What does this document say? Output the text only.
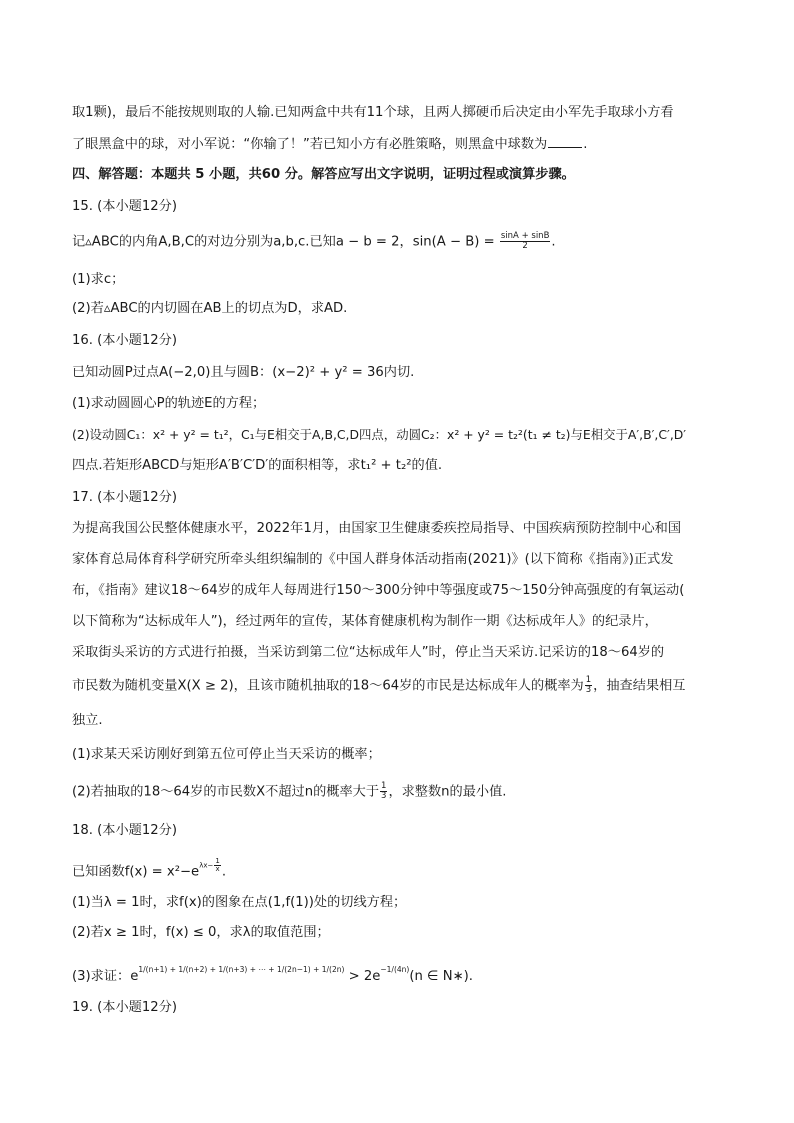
取1颗)，最后不能按规则取的人输.已知两盒中共有11个球，且两人掷硬币后决定由小军先手取球小方看
了眼黑盒中的球，对小军说：“你输了！”若已知小方有必胜策略，则黑盒中球数为	.
四、解答题：本题共 5 小题，共60 分。解答应写出文字说明，证明过程或演算步骤。
15. (本小题12分)
记▵ABC的内角A,B,C的对边分别为a,b,c.已知a − b = 2，$\sin(A - B) = \frac{\sin A + \sin B}{2}$ .
(1)求c；
(2)若▵ABC的内切圆在AB上的切点为D，求AD.
16. (本小题12分)
已知动圆P过点A(−2,0)且与圆B：(x−2)² + y² = 36内切.
(1)求动圆圆心P的轨迹E的方程；
(2)设动圆C₁：x² + y² = t₁²，C₁与E相交于A,B,C,D四点，动圆C₂：x² + y² = t₂²(t₁ ≠ t₂)与E相交于A′,B′,C′,D′
四点.若矩形ABCD与矩形A′B′C′D′的面积相等，求t₁² + t₂²的值.
17. (本小题12分)
为提高我国公民整体健康水平，2022年1月，由国家卫生健康委疾控局指导、中国疾病预防控制中心和国
家体育总局体育科学研究所牵头组织编制的《中国人群身体活动指南(2021)》(以下简称《指南》)正式发
布，《指南》建议18～64岁的成年人每周进行150～300分钟中等强度或75～150分钟高强度的有氧运动(
以下简称为“达标成年人”)，经过两年的宣传，某体育健康机构为制作一期《达标成年人》的纪录片，
采取街头采访的方式进行拍摄，当采访到第二位“达标成年人”时，停止当天采访.记采访的18～64岁的
市民数为随机变量X(X ≥ 2)，且该市随机抽取的18～64岁的市民是达标成年人的概率为 $\frac{1}{3}$ ，抽查结果相互
独立.
(1)求某天采访刚好到第五位可停止当天采访的概率；
(2)若抽取的18～64岁的市民数X不超过n的概率大于 $\frac{1}{3}$ ，求整数n的最小值.
18. (本小题12分)
已知函数$f(x) = x^2-e\lambda x- \frac{1}{x}$ .
(1)当λ = 1时，求f(x)的图象在点(1,f(1))处的切线方程；
(2)若x ≥ 1时，f(x) ≤ 0，求λ的取值范围；
(3)求证：e1/(n+1) + 1/(n+2) + 1/(n+3) + ⋯ + 1/(2n−1) + 1/(2n) > 2e−1/(4n)(n ∈ N∗).
19. (本小题12分)
